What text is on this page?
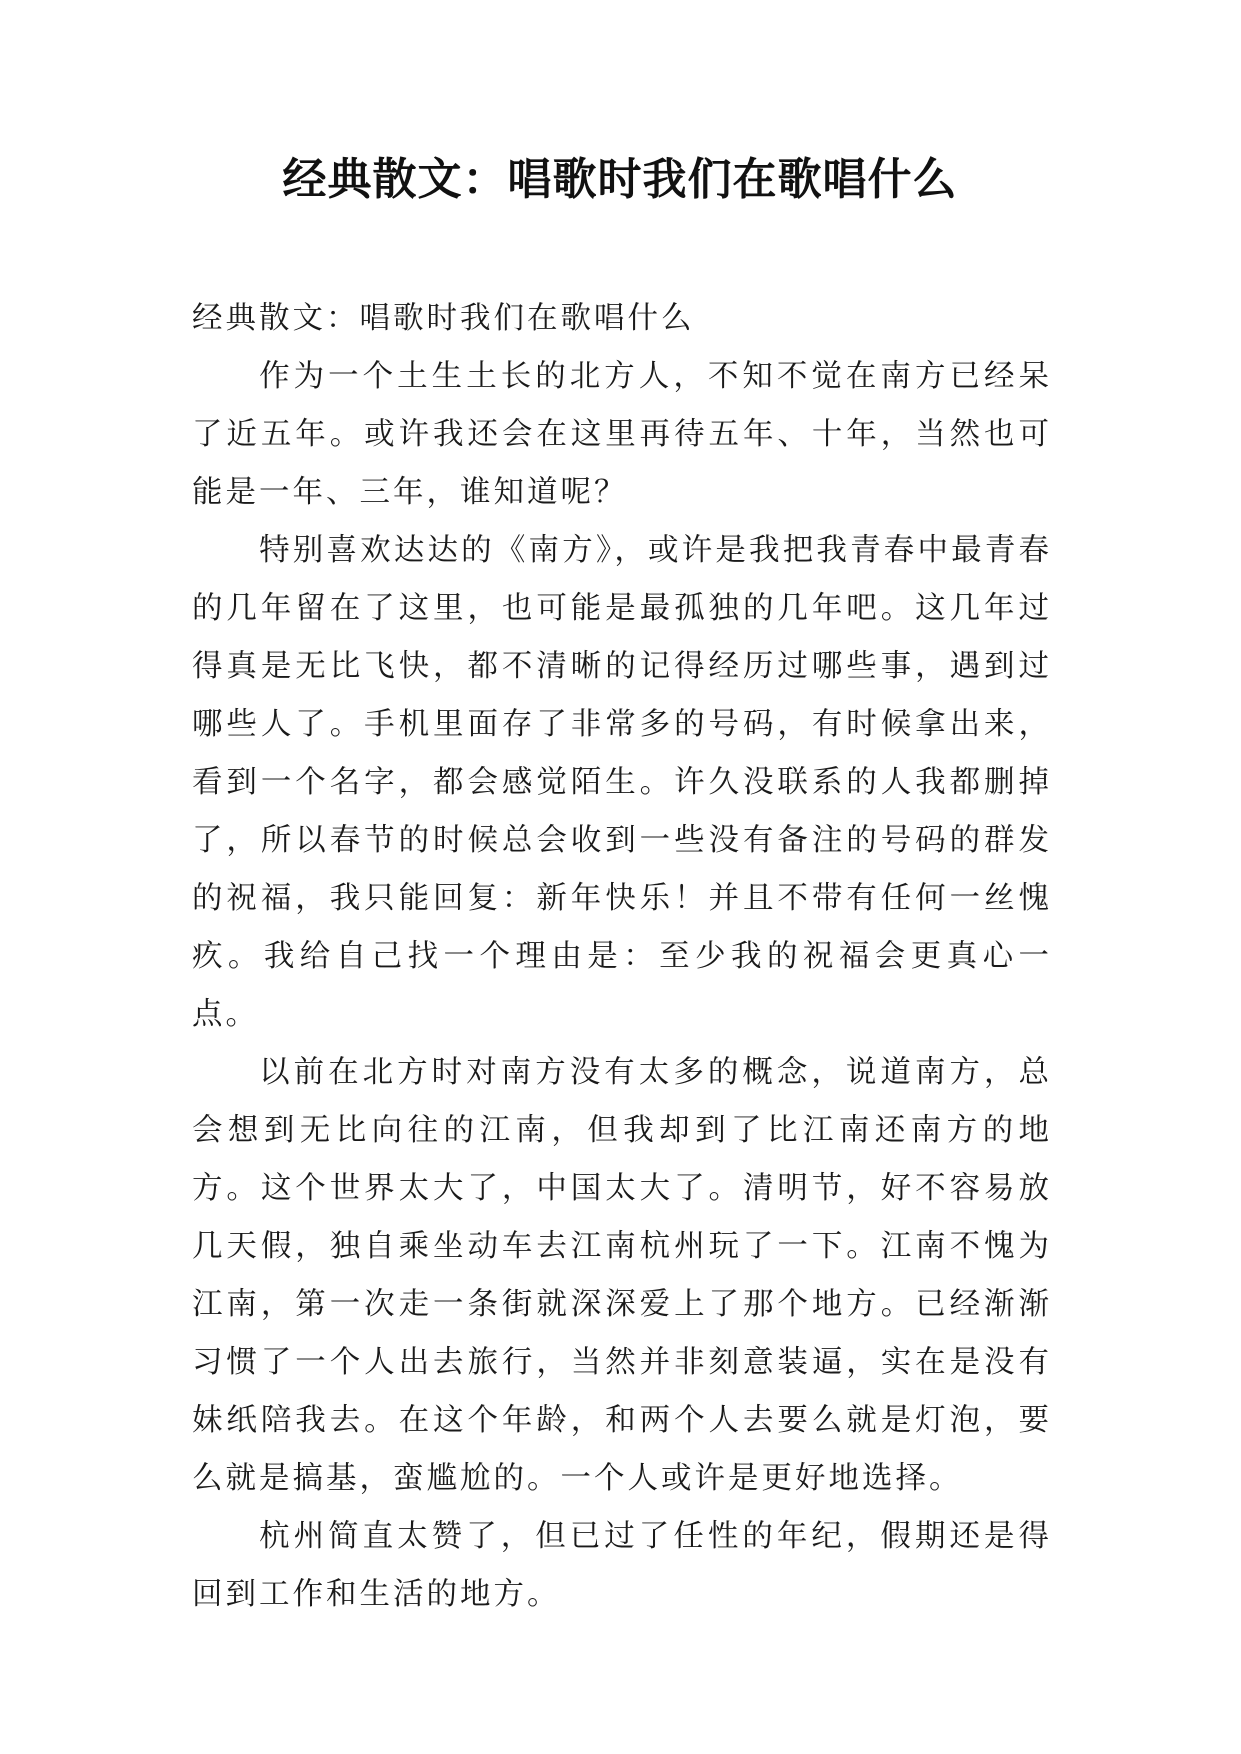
经典散文：唱歌时我们在歌唱什么

经典散文：唱歌时我们在歌唱什么

作为一个土生土长的北方人，不知不觉在南方已经呆了近五年。或许我还会在这里再待五年、十年，当然也可能是一年、三年，谁知道呢？

特别喜欢达达的《南方》，或许是我把我青春中最青春的几年留在了这里，也可能是最孤独的几年吧。这几年过得真是无比飞快，都不清晰的记得经历过哪些事，遇到过哪些人了。手机里面存了非常多的号码，有时候拿出来，看到一个名字，都会感觉陌生。许久没联系的人我都删掉了，所以春节的时候总会收到一些没有备注的号码的群发的祝福，我只能回复：新年快乐！并且不带有任何一丝愧疚。我给自己找一个理由是：至少我的祝福会更真心一点。

以前在北方时对南方没有太多的概念，说道南方，总会想到无比向往的江南，但我却到了比江南还南方的地方。这个世界太大了，中国太大了。清明节，好不容易放几天假，独自乘坐动车去江南杭州玩了一下。江南不愧为江南，第一次走一条街就深深爱上了那个地方。已经渐渐习惯了一个人出去旅行，当然并非刻意装逼，实在是没有妹纸陪我去。在这个年龄，和两个人去要么就是灯泡，要么就是搞基，蛮尴尬的。一个人或许是更好地选择。

杭州简直太赞了，但已过了任性的年纪，假期还是得回到工作和生活的地方。
